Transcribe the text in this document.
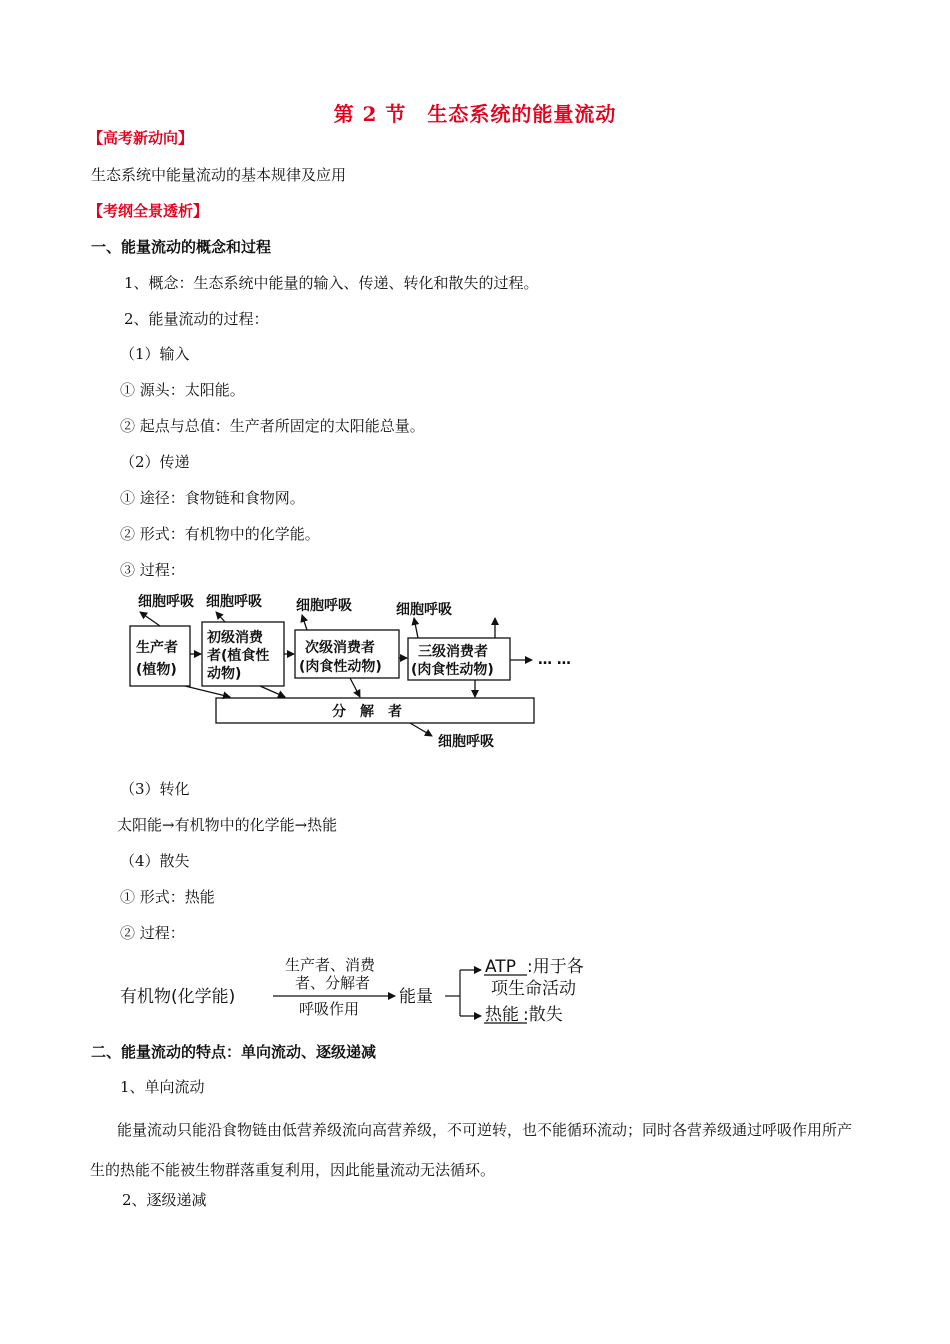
第 2 节　生态系统的能量流动
【高考新动向】
生态系统中能量流动的基本规律及应用
【考纲全景透析】
一、能量流动的概念和过程
1、概念：生态系统中能量的输入、传递、转化和散失的过程。
2、能量流动的过程：
（1）输入
① 源头：太阳能。
② 起点与总值：生产者所固定的太阳能总量。
（2）传递
① 途径：食物链和食物网。
② 形式：有机物中的化学能。
③ 过程：
细胞呼吸 细胞呼吸 细胞呼吸	细胞呼吸
生产者
(植物)
初级消费
者(植食性
动物)
次级消费者
(肉食性动物)
三级消费者
(肉食性动物)
… …
分　解　者
细胞呼吸
（3）转化
太阳能→有机物中的化学能→热能
（4）散失
① 形式：热能
② 过程：
有机物(化学能)
生产者、消费
者、分解者
呼吸作用
能量
ATP :用于各
项生命活动
热能 :散失
二、能量流动的特点：单向流动、逐级递减
1、单向流动
能量流动只能沿食物链由低营养级流向高营养级，不可逆转，也不能循环流动；同时各营养级通过呼吸作用所产生的热能不能被生物群落重复利用，因此能量流动无法循环。
2、逐级递减
